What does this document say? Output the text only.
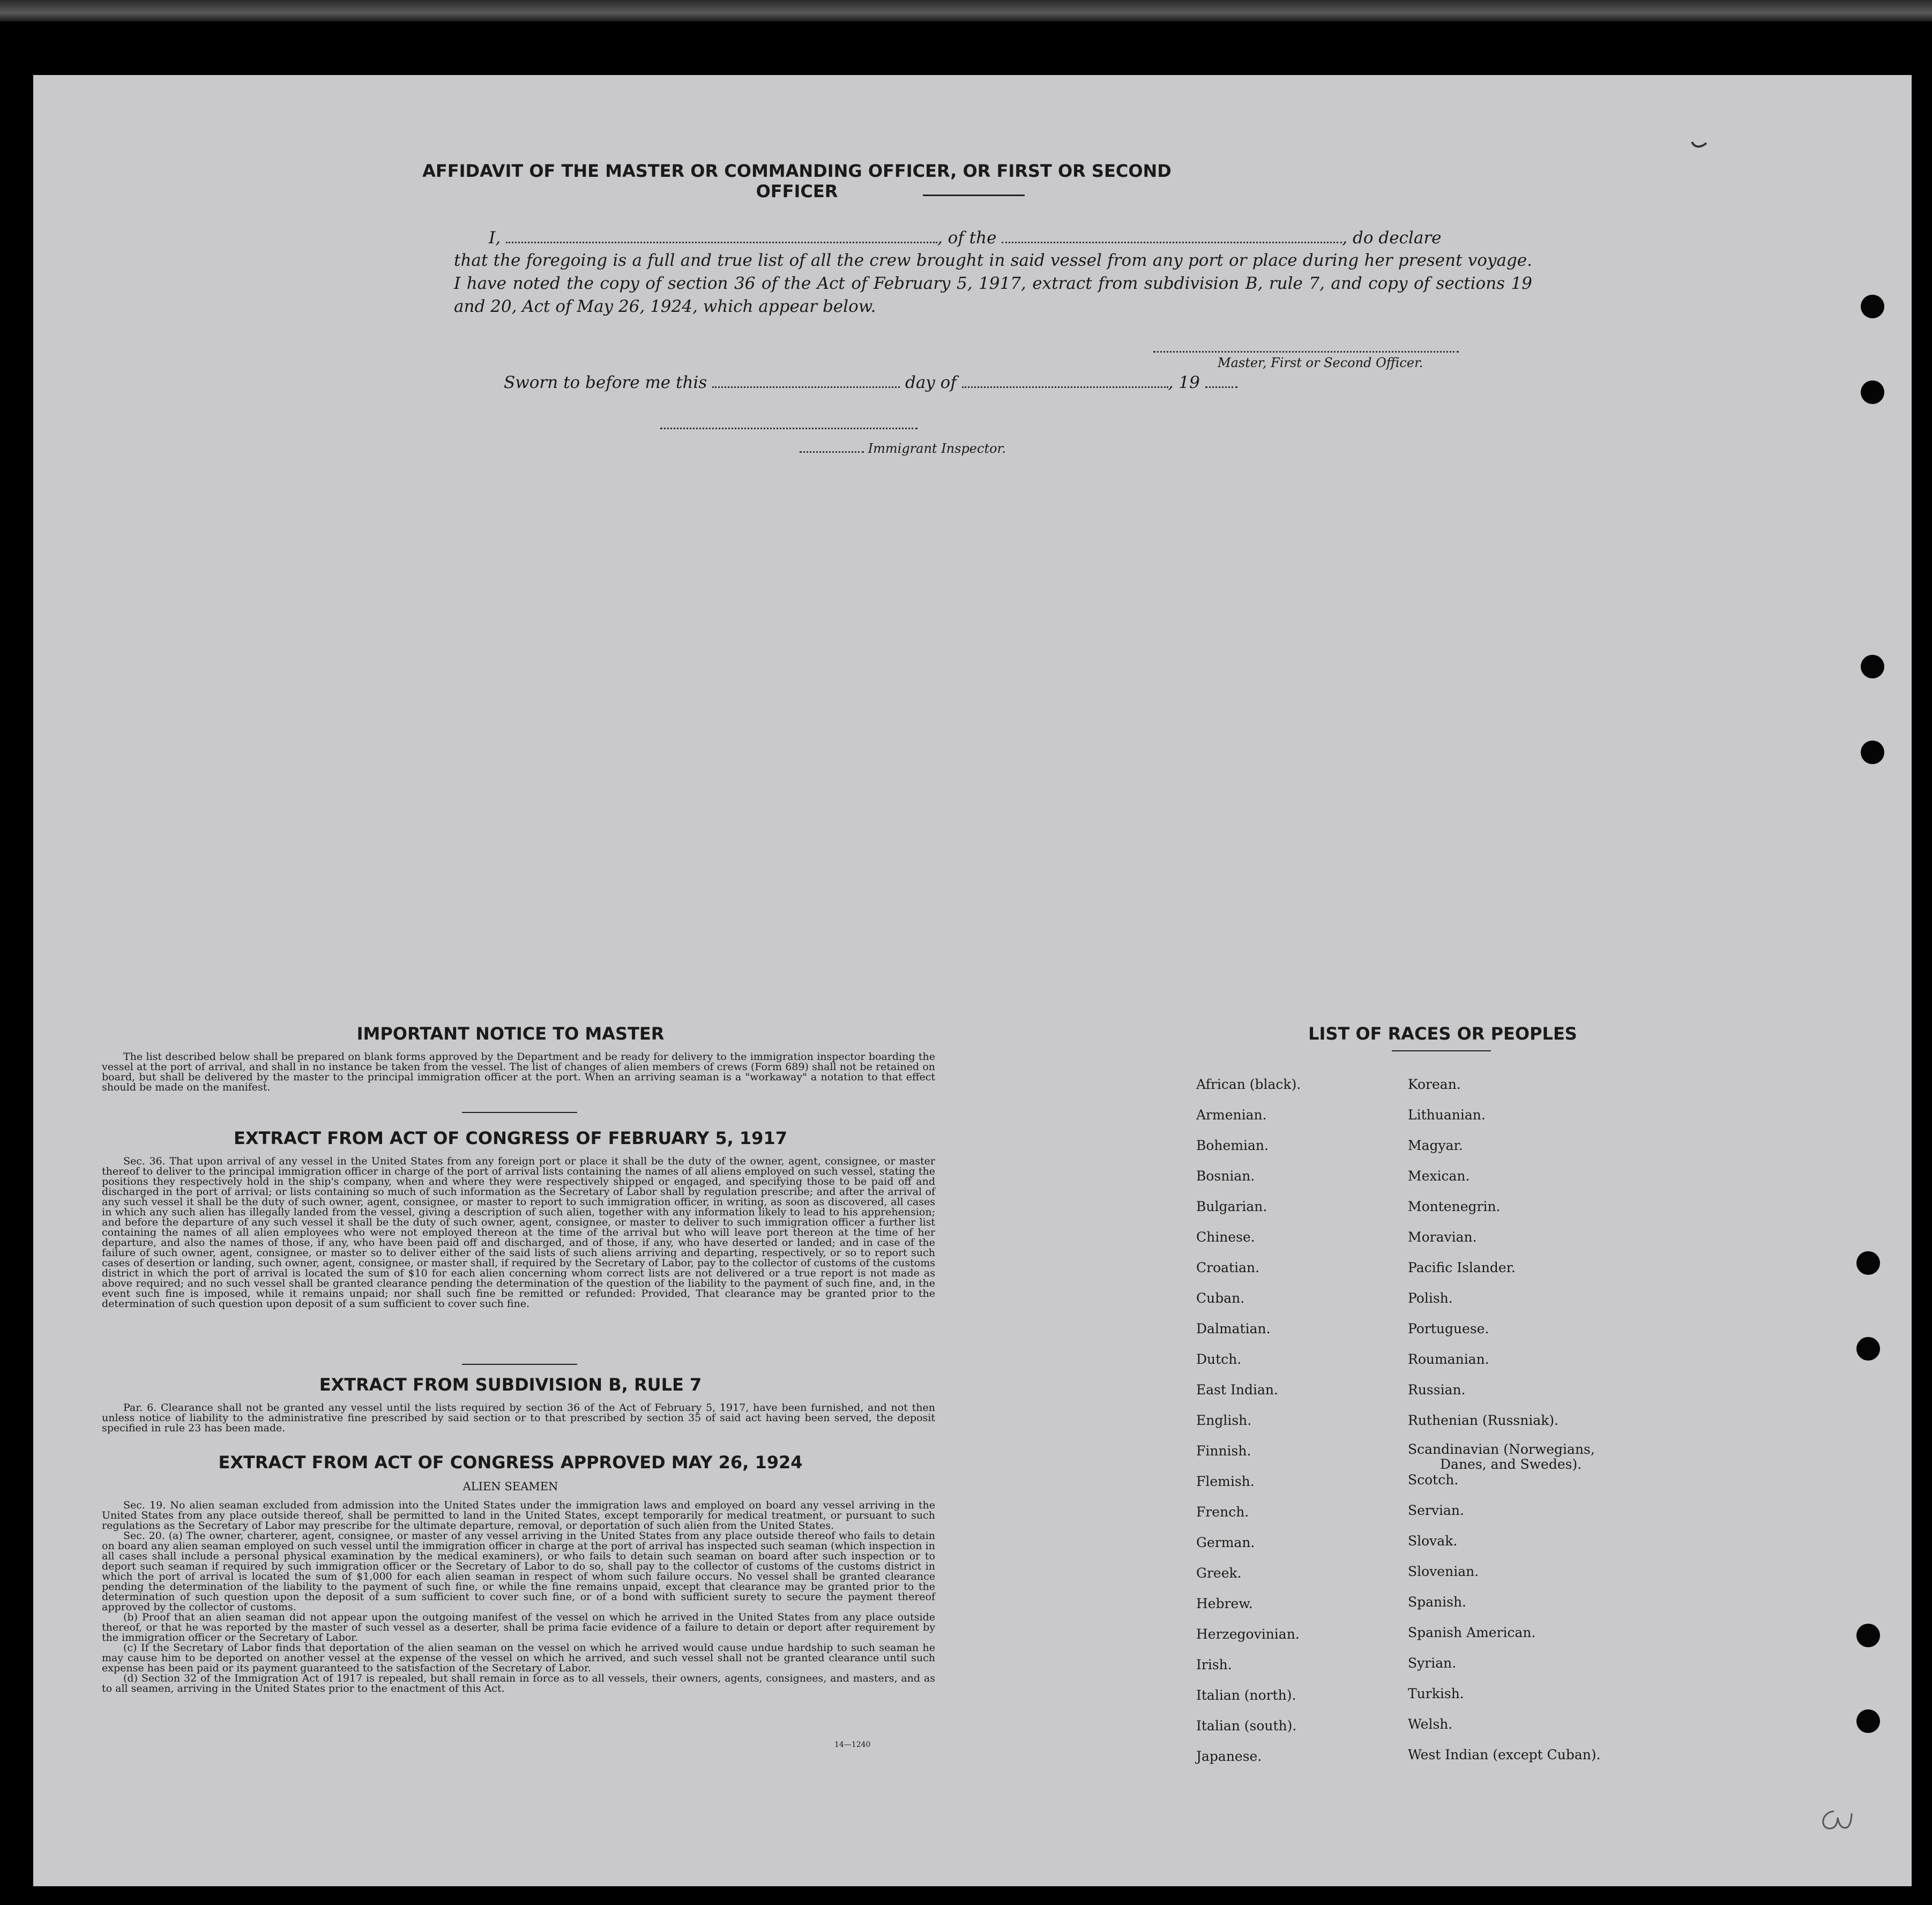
AFFIDAVIT OF THE MASTER OR COMMANDING OFFICER, OR FIRST OR SECOND OFFICER
I,	, of the	, do declare
that the foregoing is a full and true list of all the crew brought in said vessel from any port or place during her present voyage. I have noted the copy of section 36 of the Act of February 5, 1917, extract from subdivision B, rule 7, and copy of sections 19 and 20, Act of May 26, 1924, which appear below.
Master, First or Second Officer.
Sworn to before me this	day of	, 19
Immigrant Inspector.
IMPORTANT NOTICE TO MASTER
The list described below shall be prepared on blank forms approved by the Department and be ready for delivery to the immigration inspector boarding the vessel at the port of arrival, and shall in no instance be taken from the vessel. The list of changes of alien members of crews (Form 689) shall not be retained on board, but shall be delivered by the master to the principal immigration officer at the port. When an arriving seaman is a "workaway" a notation to that effect should be made on the manifest.
EXTRACT FROM ACT OF CONGRESS OF FEBRUARY 5, 1917
Sec. 36. That upon arrival of any vessel in the United States from any foreign port or place it shall be the duty of the owner, agent, consignee, or master thereof to deliver to the principal immigration officer in charge of the port of arrival lists containing the names of all aliens employed on such vessel, stating the positions they respectively hold in the ship's company, when and where they were respectively shipped or engaged, and specifying those to be paid off and discharged in the port of arrival; or lists containing so much of such information as the Secretary of Labor shall by regulation prescribe; and after the arrival of any such vessel it shall be the duty of such owner, agent, consignee, or master to report to such immigration officer, in writing, as soon as discovered, all cases in which any such alien has illegally landed from the vessel, giving a description of such alien, together with any information likely to lead to his apprehension; and before the departure of any such vessel it shall be the duty of such owner, agent, consignee, or master to deliver to such immigration officer a further list containing the names of all alien employees who were not employed thereon at the time of the arrival but who will leave port thereon at the time of her departure, and also the names of those, if any, who have been paid off and discharged, and of those, if any, who have deserted or landed; and in case of the failure of such owner, agent, consignee, or master so to deliver either of the said lists of such aliens arriving and departing, respectively, or so to report such cases of desertion or landing, such owner, agent, consignee, or master shall, if required by the Secretary of Labor, pay to the collector of customs of the customs district in which the port of arrival is located the sum of $10 for each alien concerning whom correct lists are not delivered or a true report is not made as above required; and no such vessel shall be granted clearance pending the determination of the question of the liability to the payment of such fine, and, in the event such fine is imposed, while it remains unpaid; nor shall such fine be remitted or refunded: Provided, That clearance may be granted prior to the determination of such question upon deposit of a sum sufficient to cover such fine.
EXTRACT FROM SUBDIVISION B, RULE 7
Par. 6. Clearance shall not be granted any vessel until the lists required by section 36 of the Act of February 5, 1917, have been furnished, and not then unless notice of liability to the administrative fine prescribed by said section or to that prescribed by section 35 of said act having been served, the deposit specified in rule 23 has been made.
EXTRACT FROM ACT OF CONGRESS APPROVED MAY 26, 1924
ALIEN SEAMEN
Sec. 19. No alien seaman excluded from admission into the United States under the immigration laws and employed on board any vessel arriving in the United States from any place outside thereof, shall be permitted to land in the United States, except temporarily for medical treatment, or pursuant to such regulations as the Secretary of Labor may prescribe for the ultimate departure, removal, or deportation of such alien from the United States.
Sec. 20. (a) The owner, charterer, agent, consignee, or master of any vessel arriving in the United States from any place outside thereof who fails to detain on board any alien seaman employed on such vessel until the immigration officer in charge at the port of arrival has inspected such seaman (which inspection in all cases shall include a personal physical examination by the medical examiners), or who fails to detain such seaman on board after such inspection or to deport such seaman if required by such immigration officer or the Secretary of Labor to do so, shall pay to the collector of customs of the customs district in which the port of arrival is located the sum of $1,000 for each alien seaman in respect of whom such failure occurs. No vessel shall be granted clearance pending the determination of the liability to the payment of such fine, or while the fine remains unpaid, except that clearance may be granted prior to the determination of such question upon the deposit of a sum sufficient to cover such fine, or of a bond with sufficient surety to secure the payment thereof approved by the collector of customs.
(b) Proof that an alien seaman did not appear upon the outgoing manifest of the vessel on which he arrived in the United States from any place outside thereof, or that he was reported by the master of such vessel as a deserter, shall be prima facie evidence of a failure to detain or deport after requirement by the immigration officer or the Secretary of Labor.
(c) If the Secretary of Labor finds that deportation of the alien seaman on the vessel on which he arrived would cause undue hardship to such seaman he may cause him to be deported on another vessel at the expense of the vessel on which he arrived, and such vessel shall not be granted clearance until such expense has been paid or its payment guaranteed to the satisfaction of the Secretary of Labor.
(d) Section 32 of the Immigration Act of 1917 is repealed, but shall remain in force as to all vessels, their owners, agents, consignees, and masters, and as to all seamen, arriving in the United States prior to the enactment of this Act.
14—1240
LIST OF RACES OR PEOPLES
African (black).
Armenian.
Bohemian.
Bosnian.
Bulgarian.
Chinese.
Croatian.
Cuban.
Dalmatian.
Dutch.
East Indian.
English.
Finnish.
Flemish.
French.
German.
Greek.
Hebrew.
Herzegovinian.
Irish.
Italian (north).
Italian (south).
Japanese.
Korean.
Lithuanian.
Magyar.
Mexican.
Montenegrin.
Moravian.
Pacific Islander.
Polish.
Portuguese.
Roumanian.
Russian.
Ruthenian (Russniak).
Scandinavian (Norwegians,
Danes, and Swedes).
Scotch.
Servian.
Slovak.
Slovenian.
Spanish.
Spanish American.
Syrian.
Turkish.
Welsh.
West Indian (except Cuban).
